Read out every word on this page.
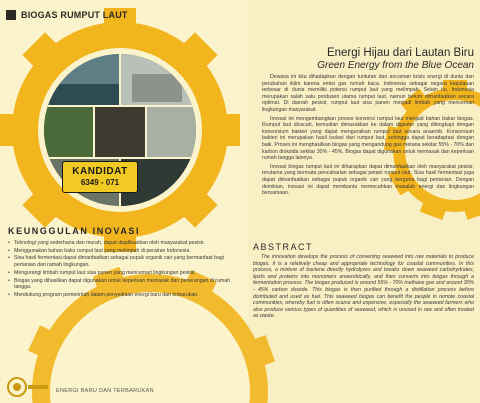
BIOGAS RUMPUT LAUT
KANDIDAT
6349 - 071
Energi Hijau dari Lautan Biru
Green Energy from the Blue Ocean

Dewasa ini kita dihadapkan dengan tuntutan dan ancaman krisis energi di dunia dan perubahan iklim karena emisi gas rumah kaca. Indonesia sebagai negara kepulauan terbesar di dunia memiliki potensi rumput laut yang melimpah. Selain itu, Indonesia merupakan salah satu produsen utama rumput laut, namun belum dimanfaatkan secara optimal. Di daerah pesisir, rumput laut sisa panen menjadi limbah yang mencemari lingkungan masyarakat.

Inovasi ini mengembangkan proses konversi rumput laut menjadi bahan bakar biogas. Rumput laut dicacah, kemudian dimasukkan ke dalam digester yang dilengkapi dengan konsorsium bakteri yang dapat menguraikan rumput laut secara anaerob. Konsorsium bakteri ini merupakan hasil isolasi dari rumput laut, sehingga dapat beradaptasi dengan baik. Proses ini menghasilkan biogas yang mengandung gas metana sekitar 55% - 70% dan karbon dioksida sekitar 30% - 45%. Biogas dapat digunakan untuk memasak dan keperluan rumah tangga lainnya.

Inovasi biogas rumput laut ini diharapkan dapat dimanfaatkan oleh masyarakat pesisir, terutama yang bermata pencaharian sebagai petani rumput laut. Sisa hasil fermentasi juga dapat dimanfaatkan sebagai pupuk organik cair yang berguna bagi pertanian. Dengan demikian, inovasi ini dapat membantu memecahkan masalah energi dan lingkungan bersamaan.

ABSTRACT

The innovation develops the process of converting seaweed into raw materials to produce biogas. It is a relatively cheap and appropriate technology for coastal communities. In this process, a mixture of bacteria directly hydrolyzes and breaks down seaweed carbohydrates, lipids and proteins into monomers anaerobically, and then converts into biogas through a fermentation process. The biogas produced is around 55% - 70% methane gas and around 30% - 45% carbon dioxide. This biogas is then purified through a distillation process before distributed and used as fuel. This seaweed biogas can benefit the people in remote coastal communities, whereby fuel is often scarce and expensive, especially the seaweed farmers who also produce various types of quantities of seaweed, which is unused in raw and often treated as waste.

KEUNGGULAN INOVASI
• Teknologi yang sederhana dan murah, dapat diaplikasikan oleh masyarakat pesisir.
• Menggunakan bahan baku rumput laut yang melimpah di perairan Indonesia.
• Sisa hasil fermentasi dapat dimanfaatkan sebagai pupuk organik cair yang bermanfaat bagi pertanian dan ramah lingkungan.
• Mengurangi limbah rumput laut sisa panen yang mencemari lingkungan pesisir.
• Biogas yang dihasilkan dapat digunakan untuk keperluan memasak dan penerangan di rumah tangga.
• Mendukung program pemerintah dalam penyediaan energi baru dan terbarukan.
ENERGI BARU DAN TERBARUKAN
